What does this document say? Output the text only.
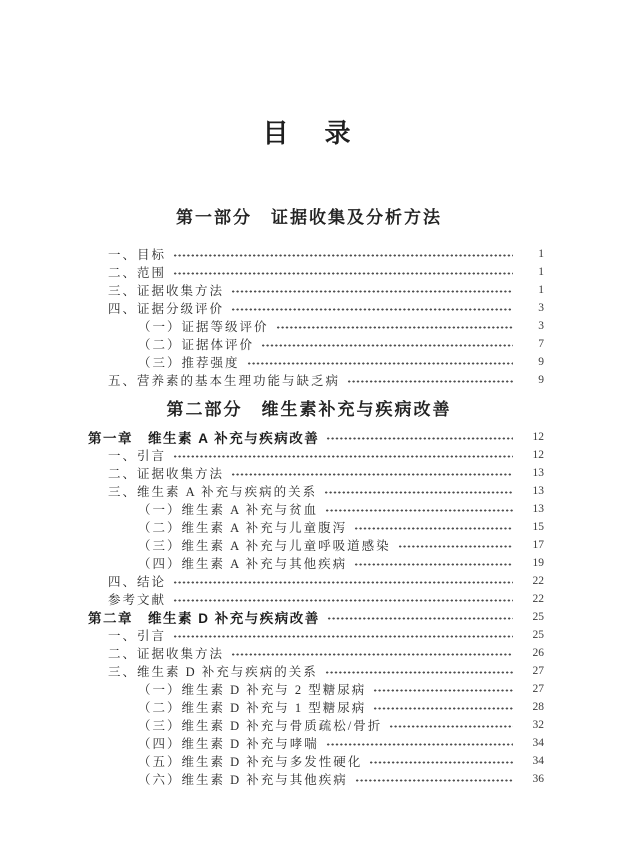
目　录
第一部分　证据收集及分析方法
一、目标	1
二、范围	1
三、证据收集方法	1
四、证据分级评价	3
（一）证据等级评价	3
（二）证据体评价	7
（三）推荐强度	9
五、营养素的基本生理功能与缺乏病	9
第二部分　维生素补充与疾病改善
第一章　维生素 A 补充与疾病改善	12
一、引言	12
二、证据收集方法	13
三、维生素 A 补充与疾病的关系	13
（一）维生素 A 补充与贫血	13
（二）维生素 A 补充与儿童腹泻	15
（三）维生素 A 补充与儿童呼吸道感染	17
（四）维生素 A 补充与其他疾病	19
四、结论	22
参考文献	22
第二章　维生素 D 补充与疾病改善	25
一、引言	25
二、证据收集方法	26
三、维生素 D 补充与疾病的关系	27
（一）维生素 D 补充与 2 型糖尿病	27
（二）维生素 D 补充与 1 型糖尿病	28
（三）维生素 D 补充与骨质疏松/骨折	32
（四）维生素 D 补充与哮喘	34
（五）维生素 D 补充与多发性硬化	34
（六）维生素 D 补充与其他疾病	36
